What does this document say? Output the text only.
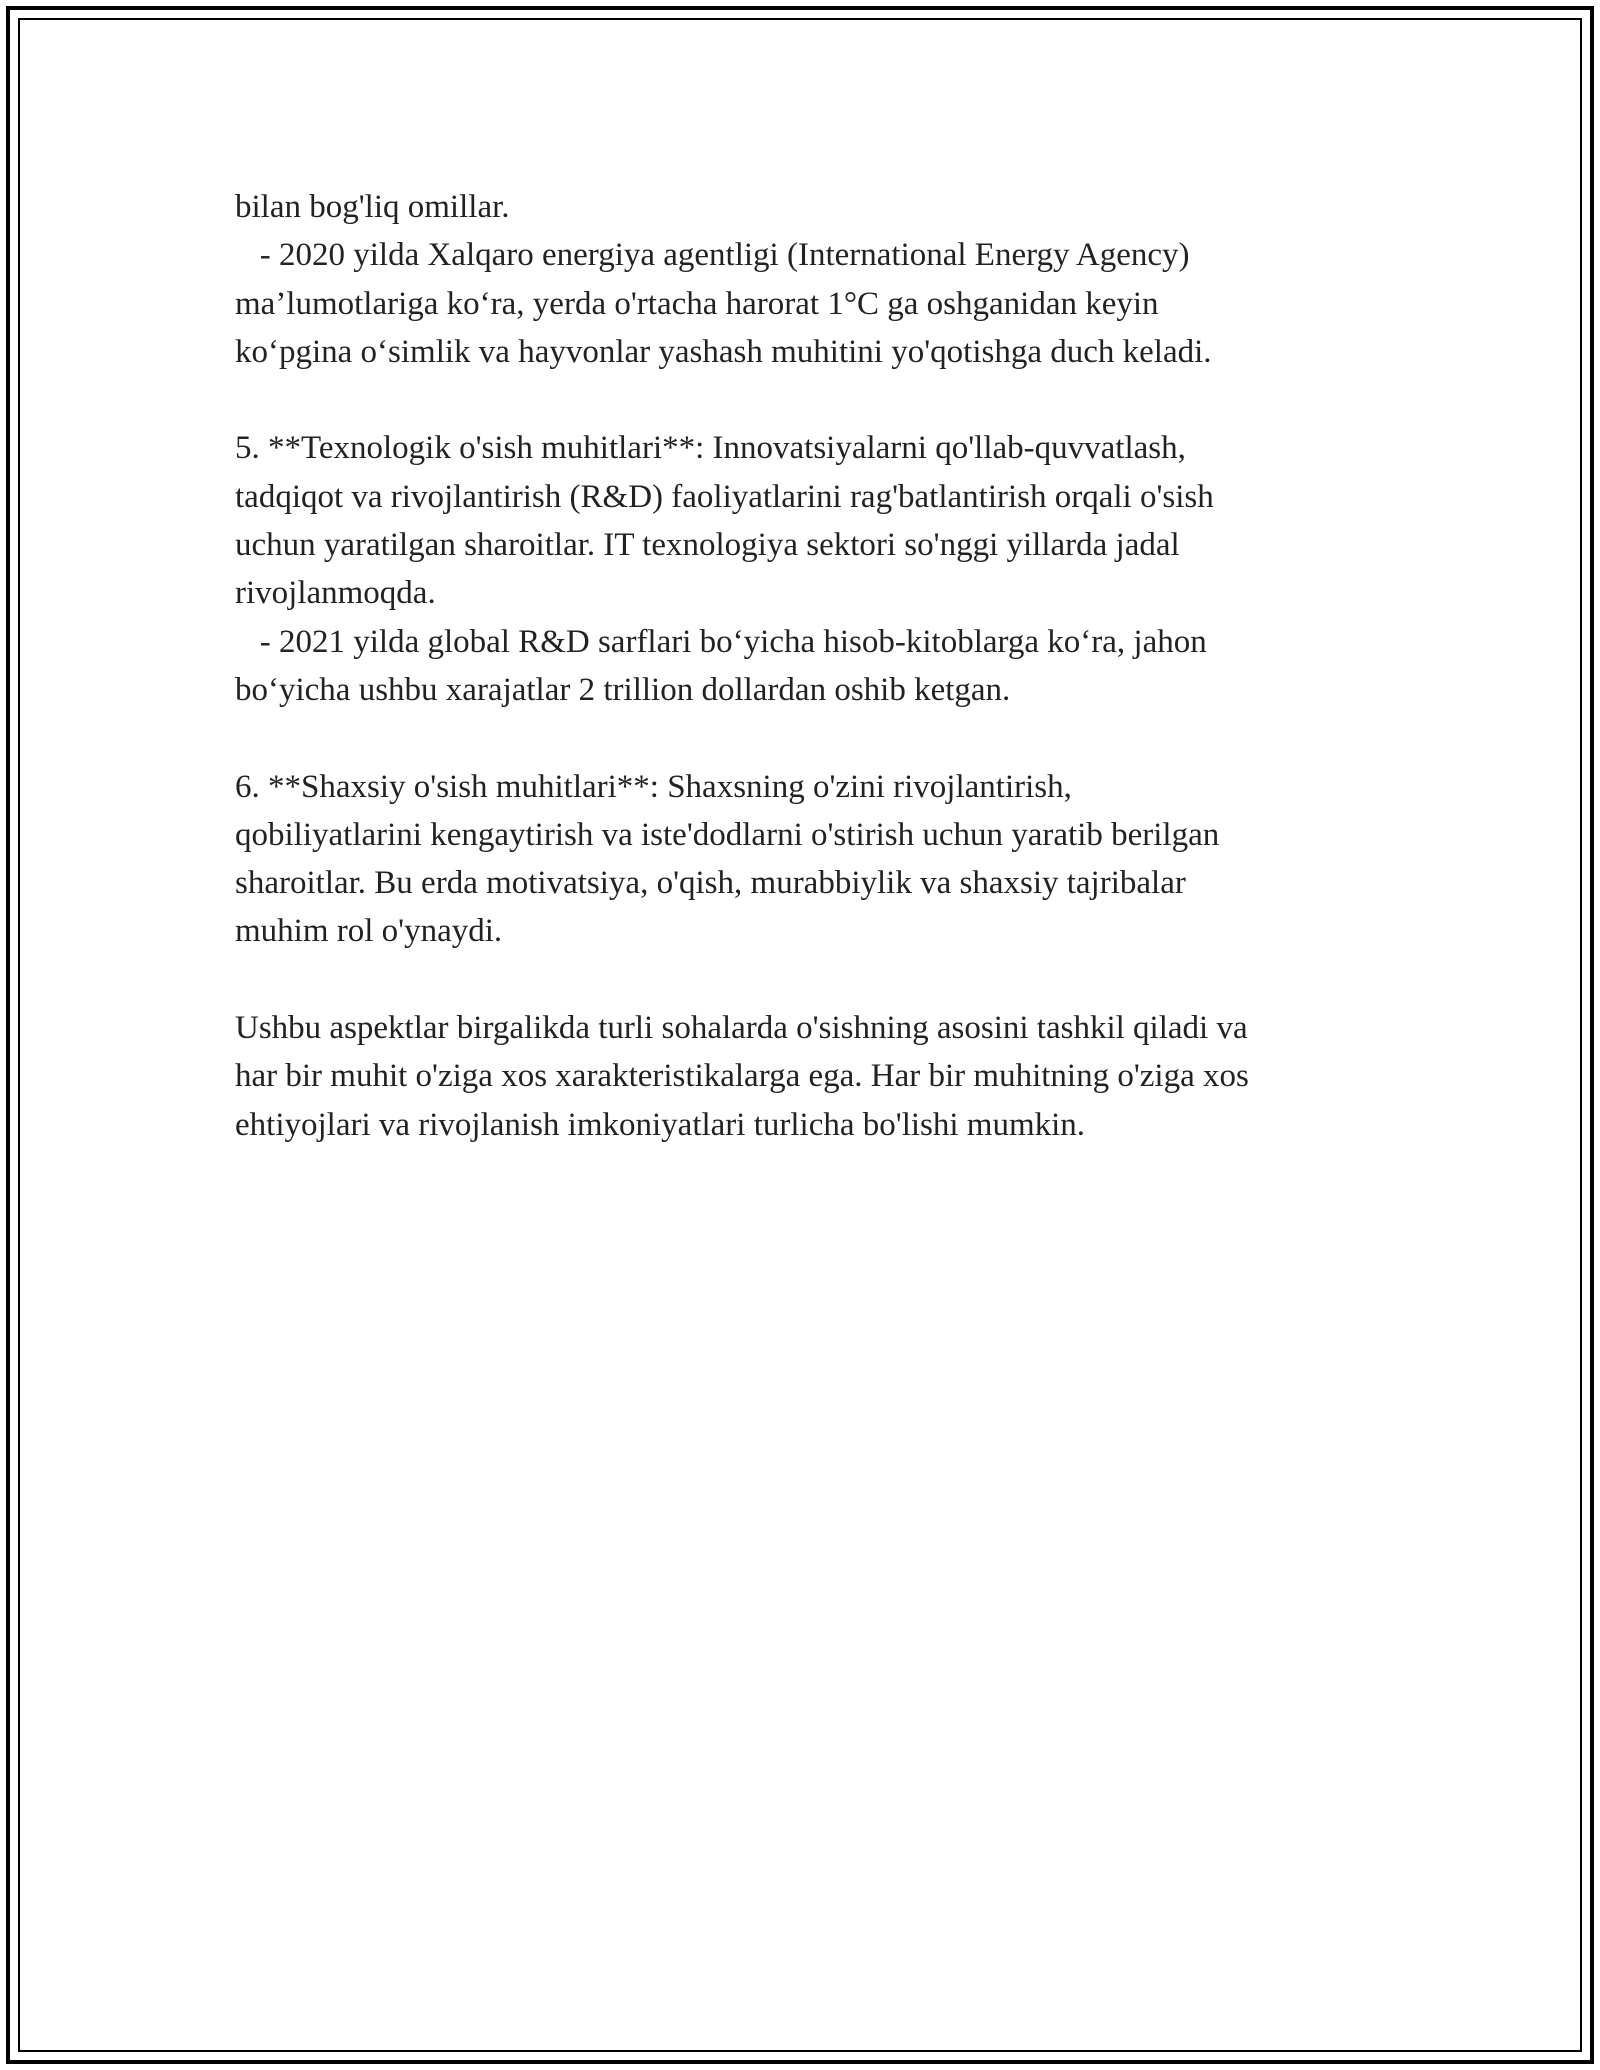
bilan bog'liq omillar.
- 2020 yilda Xalqaro energiya agentligi (International Energy Agency)
ma’lumotlariga ko‘ra, yerda o'rtacha harorat 1°C ga oshganidan keyin
ko‘pgina o‘simlik va hayvonlar yashash muhitini yo'qotishga duch keladi.
5. **Texnologik o'sish muhitlari**: Innovatsiyalarni qo'llab-quvvatlash,
tadqiqot va rivojlantirish (R&D) faoliyatlarini rag'batlantirish orqali o'sish
uchun yaratilgan sharoitlar. IT texnologiya sektori so'nggi yillarda jadal
rivojlanmoqda.
- 2021 yilda global R&D sarflari bo‘yicha hisob-kitoblarga ko‘ra, jahon
bo‘yicha ushbu xarajatlar 2 trillion dollardan oshib ketgan.
6. **Shaxsiy o'sish muhitlari**: Shaxsning o'zini rivojlantirish,
qobiliyatlarini kengaytirish va iste'dodlarni o'stirish uchun yaratib berilgan
sharoitlar. Bu erda motivatsiya, o'qish, murabbiylik va shaxsiy tajribalar
muhim rol o'ynaydi.
Ushbu aspektlar birgalikda turli sohalarda o'sishning asosini tashkil qiladi va
har bir muhit o'ziga xos xarakteristikalarga ega. Har bir muhitning o'ziga xos
ehtiyojlari va rivojlanish imkoniyatlari turlicha bo'lishi mumkin.
